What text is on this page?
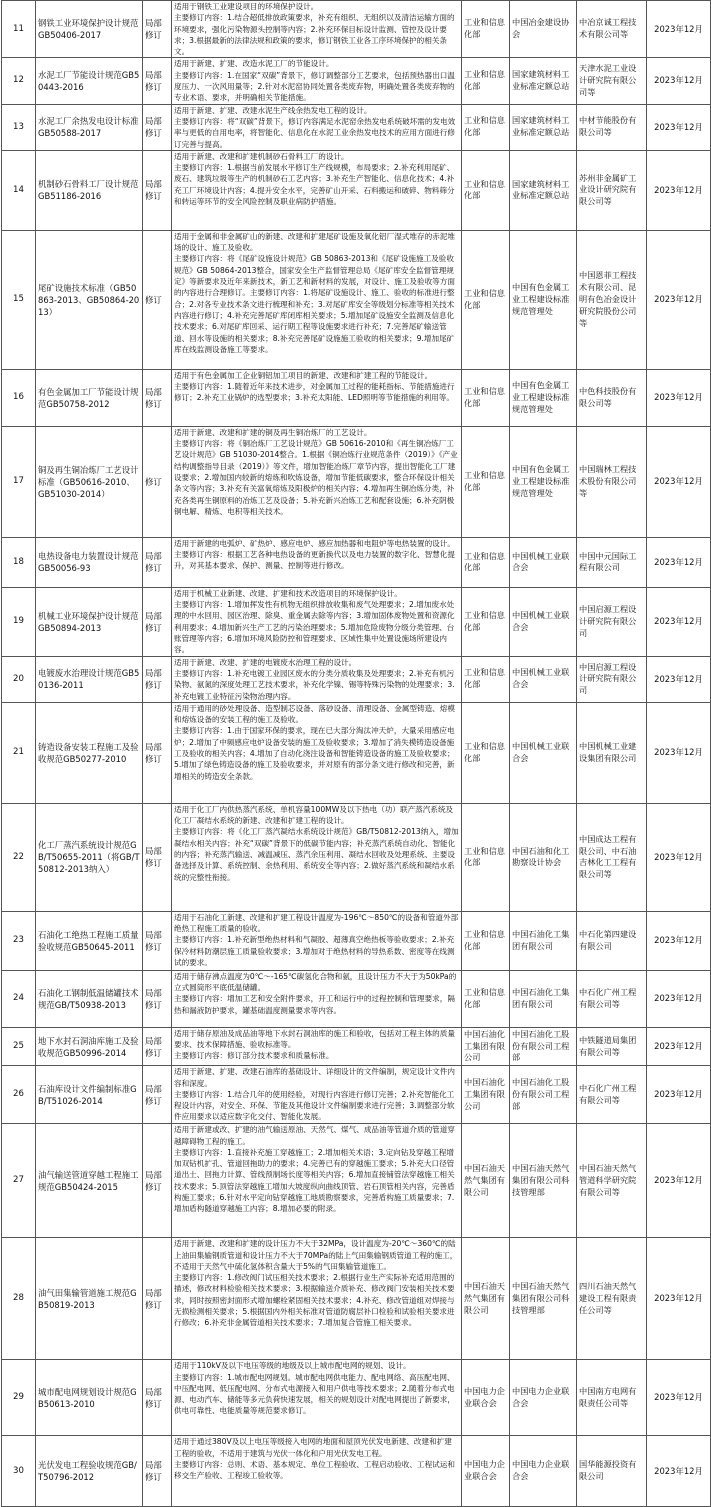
11	钢铁工业环境保护设计规范GB50406-2017	局部修订	适用于钢铁工业建设项目的环境保护设计。
主要修订内容：1.结合超低排放政策要求，补充有组织、无组织以及清洁运输方面的环境要求，强化污染物源头控制等内容；2.补充环保目标设计监测、管控及设计要求；3.根据最新的法律法规和政策的要求，修订钢铁工业各工序环境保护的相关条文。	工业和信息化部	中国冶金建设协会	中冶京诚工程技术有限公司等	2023年12月
12	水泥工厂节能设计规范GB50443-2016	局部修订	适用于新建、扩建、改造水泥工厂的节能设计。
主要修订内容：1.在国家“双碳”背景下，修订调整部分工艺要求，包括预热器出口温度压力、一次风用量等；2.针对水泥窑协同处置各类废弃物，明确处置各类废弃物的专业术语、要求，并明确相关节能措施。	工业和信息化部	国家建筑材料工业标准定额总站	天津水泥工业设计研究院有限公司等	2023年12月
13	水泥工厂余热发电设计标准GB50588-2017	局部修订	适用于新建、扩建、改建水泥生产线余热发电工程的设计。
主要修订内容：将“双碳”背景下，修订内容满足水泥窑余热发电系统破坏需的发电效率与更低的自用电率，将智能化、信息化在水泥工业余热发电技术的应用方面进行修订完善与提高。	工业和信息化部	国家建筑材料工业标准定额总站	中材节能股份有限公司等	2023年12月
14	机制砂石骨料工厂设计规范GB51186-2016	局部修订	适用于新建、改建和扩建机制砂石骨料工厂的设计。
主要修订内容：1.根据当前发展水平修订生产线规模，布局要求；2.补充利用尾矿、废石、建筑垃圾等生产的机制砂石工艺内容；3.补充生产智能化、信息化技术；4.补充工厂环境设计内容；4.提升安全水平，完善矿山开采、石料搬运和破碎、物料筛分和转运等环节的安全风险控制及职业病防护措施。	工业和信息化部	国家建筑材料工业标准定额总站	苏州非金属矿工业设计研究院有限公司等	2023年12月
15	尾矿设施技术标准（GB50863-2013、GB50864-2013）	修订	适用于金属和非金属矿山的新建、改建和扩建尾矿设施及氧化铝厂湿式堆存的赤泥堆场的设计、施工及验收。
主要修订内容：将《尾矿设施设计规范》GB 50863-2013和《尾矿设施施工及验收规范》GB 50864-2013整合，国家安全生产监督管理总局《尾矿库安全监督管理规定》等新要求及近年来新技术，新工艺和新材料的发展，对设计、施工及验收等方面的内容进行合理修订。主要修订内容：1.将尾矿设施设计、施工、验收的标准进行整合；2.对各专业技术条文进行梳理和补充；3.对尾矿库安全等级划分标准等相关技术内容进行修订；4.补充完善尾矿库闭库相关要求；5.增加尾矿设施安全监测及信息化技术要求；6.对尾矿库回采、运行期工程等设施要求进行补充；7.完善尾矿输送管道、回水等设施的相关要求；8.补充完善尾矿设施施工验收的相关要求；9.增加尾矿库在线监测设备施工等要求。	工业和信息化部	中国有色金属工业工程建设标准规范管理处	中国恩菲工程技术有限公司、昆明有色冶金设计研究院股份公司等	2023年12月
16	有色金属加工厂节能设计规范GB50758-2012	局部修订	适用于有色金属加工企业铜铝加工项目的新建、改建和扩建工程的节能设计。
主要修订内容：1.随着近年来技术进步，对金属加工过程的能耗指标、节能措施进行修订；2.补充工业锅炉的选型要求；3.补充太阳能、LED照明等节能措施的利用等。	工业和信息化部	中国有色金属工业工程建设标准规范管理处	中色科技股份有限公司等	2023年12月
17	铜及再生铜冶炼厂工艺设计标准（GB50616-2010、GB51030-2014）	修订	适用于新建、改建和扩建的铜及再生铜冶炼厂的工艺设计。
主要修订内容：将《铜冶炼厂工艺设计规范》GB 50616-2010和《再生铜冶炼厂工艺设计规范》GB 51030-2014整合。1.根据《铜冶炼行业规范条件（2019）》《产业结构调整指导目录（2019）》等文件，增加智能冶炼厂章节内容，提出智能化工厂建设要求；2.增加国内较新的熔炼和吹炼设备，增加节能低碳要求，整合环保设计相关条文等内容；3.补充有关富氧熔炼及阳极炉的相关内容；4.增加再生铜冶炼分类，补充各类再生铜原料的冶炼工艺及设备；5.补充新兴冶炼工艺和配套设施；6.补充阴极铜电解、精炼、电积等相关技术。	工业和信息化部	中国有色金属工业工程建设标准规范管理处	中国瑞林工程技术股份有限公司等	2023年12月
18	电热设备电力装置设计规范GB50056-93	局部修订	适用于新建的电弧炉、矿热炉、感应电炉、感应加热器和电阻炉等电热装置的设计。
主要修订内容：根据工艺各种电热设备的更新换代以及电力装置的数字化、智慧化提升，对其基本要求、保护、测量、控制等进行修改。	工业和信息化部	中国机械工业联合会	中国中元国际工程有限公司	2023年12月
19	机械工业环境保护设计规范GB50894-2013	局部修订	适用于机械工业新建、改建、扩建和技术改造项目的环境保护设计。
主要修订内容：1.增加挥发性有机物无组织排放收集和废气处理要求；2.增加废水处理的中水回用、园区治理、除臭、重金属去除等内容；3.增加固体废物处置和资源化利用要求；4.增加新兴生产工艺的污染治理要求；5.增加危险废物分级分类管理、台账管理等内容；6.增加环境风险防控和管理要求、区域性集中处置设施场所建设内容。	工业和信息化部	中国机械工业联合会	中国启源工程设计研究院有限公司	2023年12月
20	电镀废水治理设计规范GB50136-2011	局部修订	适用于新建、改建、扩建的电镀废水治理工程的设计。
主要修订内容：1.补充电镀工业园区废水的分类分质收集及处理要求；2.补充有机污染物、氨氮的深度处理工艺技术要求，补充化学镍、锡等特殊污染物的处理要求；3.补充电镀工业特征污染物治理内容。	工业和信息化部	中国机械工业联合会	中国启源工程设计研究院有限公司	2023年12月
21	铸造设备安装工程施工及验收规范GB50277-2010	局部修订	适用于通用的砂处理设备、造型制芯设备、落砂设备、清理设备、金属型铸造、熔模和熔炼设备的安装工程的施工及验收。
主要修订内容：1.由于国家环保的要求，现在已大部分淘汰冲天炉，大量采用感应电炉；2.增加了中频感应电炉设备安装的施工及验收要求；3.增加了消失模铸造设备施工及验收的相关内容；4.增加了自动化浇注设备和智能铸造设备的施工及验收要求；5.增加了绿色铸造设备的施工及验收要求，并对原有的部分条文进行修改和完善，新增相关的铸造安全条款。	工业和信息化部	中国机械工业联合会	中国机械工业建设集团有限公司	2023年12月
22	化工厂蒸汽系统设计规范GB/T50655-2011（将GB/T50812-2013纳入）	局部修订	适用于化工厂内供热蒸汽系统、单机容量100MW及以下热电（功）联产蒸汽系统及化工厂凝结水系统的新建、改建和扩建工程的设计。
主要修订内容：将《化工厂蒸汽凝结水系统设计规范》GB/T50812-2013纳入，增加凝结水相关内容；补充“双碳”背景下的低碳节能内容；补充蒸汽系统自动化、智能化的内容；补充蒸汽输送、减温减压、蒸汽余压利用、凝结水回收及处理系统、主要设备选择及计算、系统控制、余热利用、系统安全等内容；2.做好蒸汽系统和凝结水系统的完整性衔接。	工业和信息化部	中国石油和化工勘察设计协会	中国成达工程有限公司、中石油吉林化工工程有限公司等	2023年12月
23	石油化工绝热工程施工质量验收规范GB50645-2011	局部修订	适用于石油化工新建、改建和扩建工程设计温度为-196℃～850℃的设备和管道外部绝热工程施工质量的验收。
主要修订内容：1.补充新型绝热材料和气凝胶、超薄真空绝热板等验收要求；2.补充保冷材料防潮层施工质量验收要求；3.增加对于绝热材料的导热系数、密度等在线测试的要求。	工业和信息化部	中国石油化工集团有限公司	中石化第四建设有限公司	2023年12月
24	石油化工钢制低温储罐技术规范GB/T50938-2013	局部修订	适用于储存沸点温度为0℃～-165℃碳氢化合物和氨，且设计压力不大于为50kPa的立式圆筒形平底低温储罐。
主要修订内容：增加工艺和安全附件要求，开工和运行中的过程控制和管理要求，隔热和漏液防护要求，罐基础温度测量要求等内容。	工业和信息化部	中国石油化工集团有限公司	中石化广州工程有限公司等	2023年12月
25	地下水封石洞油库施工及验收规范GB50996-2014	局部修订	适用于储存原油及成品油等地下水封石洞油库的施工和验收，包括对工程主体的质量要求、技术保障措施、验收标准等。
主要修订内容：修订部分技术要求和质量标准。	中国石油化工集团有限公司	中国石油化工股份有限公司工程部	中铁隧道局集团有限公司等	2023年12月
26	石油库设计文件编制标准GB/T51026-2014	局部修订	适用于新建、扩建、改建石油库的基础设计、详细设计的文件编制，规定设计文件内容和深度。
主要修订内容：1.结合几年的使用经验，对现行内容进行修订完善；2.补充智能化工程设计内容，对安全、环保、节能及其他设计文件编制要求进行完善；3.调整部分软件应用要求以适应数字化交付、智能化发展。	中国石油化工集团有限公司	中国石油化工股份有限公司工程部	中石化广州工程有限公司等	2023年12月
27	油气输送管道穿越工程施工规范GB50424-2015	局部修订	适用于新建或改、扩建的油气输送原油、天然气、煤气、成品油等管道介质的管道穿越障碍物工程的施工。
主要修订内容：1.直接补充施工穿越施工；2.增加相关术语；3.定向钻及穿越工程增加双钻机扩孔、管道回拖助力的要求；4.完善已有的穿越施工要求；5.补充大口径管道出土、回拖力计算、管线预制场长度等相关内容；6.增加直接铺管法穿越施工相关技术要求；5.顶管法穿越施工增加大坡度纵向曲线顶管、岩石顶管相关内容，完善盾构施工要求；6.针对水平定向钻穿越施工地质勘察要求，完善盾构施工质量要求；7.增加盾构隧道穿越施工内容；8.增加必要的附录。	中国石油天然气集团有限公司	中国石油天然气集团有限公司科技管理部	中国石油天然气管道科学研究院有限公司等	2023年12月
28	油气田集输管道施工规范GB50819-2013	局部修订	适用于新建、改建和扩建的设计压力不大于32MPa，设计温度为-20℃～360℃的陆上油田集输钢质管道和设计压力不大于70MPa的陆上气田集输钢质管道工程的施工，不适用于天然气中硫化氢体积含量大于5%的气田集输管道施工。
主要修订内容：1.修改阀门试压相关技术要求；2.根据行业生产实际补充适用范围的描述，修改材料检验相关技术要求；3.根据输送介质补充、修改阀门安装相关技术要求，同时按照密封面形式增加螺栓紧固相关技术要求；4.补充、修改管道组对焊接与无损检测相关要求；5.根据国内外相关标准对管道防腐层补口检验和试验相关要求进行修改；6.补充非金属管道相关技术要求；7.增加复合管施工相关要求。	中国石油天然气集团有限公司	中国石油天然气集团有限公司科技管理部	四川石油天然气建设工程有限责任公司等	2023年12月
29	城市配电网规划设计规范GB50613-2010	局部修订	适用于110kV及以下电压等级的地级及以上城市配电网的规划、设计。
主要修订内容：1.城市配电网规划。城市配电网供电能力、配电网络、高压配电网、中压配电网、低压配电网、分布式电源接入和用户供电等技术要求；2.随着分布式电源、电动汽车、储能等多元负荷快速发展，相关的规划设计对配电网提出了新要求，供电可靠性、电能质量等规范要求修订。	中国电力企业联合会	中国电力企业联合会	中国南方电网有限责任公司等	2023年12月
30	光伏发电工程验收规范GB/T50796-2012	局部修订	适用于通过380V及以上电压等级接入电网的地面和屋顶光伏发电新建、改建和扩建工程的验收，不适用于建筑与光伏一体化和户用光伏发电工程。
主要修订内容：总则、术语、基本规定、单位工程验收、工程启动验收、工程试运和移交生产验收、工程竣工验收等。	中国电力企业联合会	中国电力企业联合会	国华能源投资有限公司	2023年12月
